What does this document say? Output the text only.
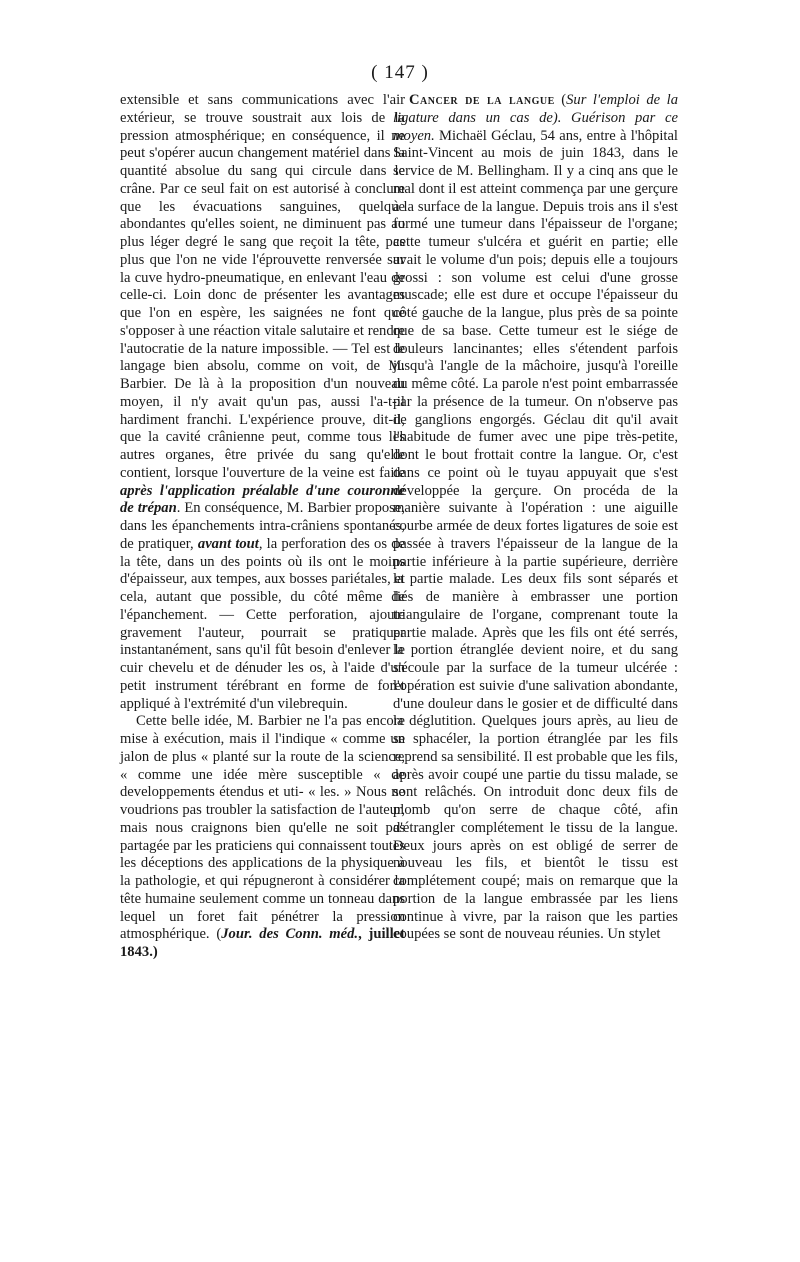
( 147 )

extensible et sans communications avec l'air extérieur, se trouve soustrait aux lois de la pression atmosphérique; en conséquence, il ne peut s'opérer aucun changement matériel dans la quantité absolue du sang qui circule dans le crâne. Par ce seul fait on est autorisé à conclure que les évacuations sanguines, quelque abondantes qu'elles soient, ne diminuent pas au plus léger degré le sang que reçoit la tête, pas plus que l'on ne vide l'éprouvette renversée sur la cuve hydro-pneumatique, en enlevant l'eau de celle-ci. Loin donc de présenter les avantages que l'on en espère, les saignées ne font que s'opposer à une réaction vitale salutaire et rendre l'autocratie de la nature impossible. — Tel est le langage bien absolu, comme on voit, de M. Barbier. De là à la proposition d'un nouveau moyen, il n'y avait qu'un pas, aussi l'a-t-il hardiment franchi. L'expérience prouve, dit-il, que la cavité crânienne peut, comme tous les autres organes, être privée du sang qu'elle contient, lorsque l'ouverture de la veine est faite après l'application préalable d'une couronne de trépan. En conséquence, M. Barbier propose, dans les épanchements intra-crâniens spontanés, de pratiquer, avant tout, la perforation des os de la tête, dans un des points où ils ont le moins d'épaisseur, aux tempes, aux bosses pariétales, et cela, autant que possible, du côté même de l'épanchement. — Cette perforation, ajoute gravement l'auteur, pourrait se pratiquer instantanément, sans qu'il fût besoin d'enlever le cuir chevelu et de dénuder les os, à l'aide d'un petit instrument térébrant en forme de foret appliqué à l'extrémité d'un vilebrequin.

Cette belle idée, M. Barbier ne l'a pas encore mise à exécution, mais il l'indique « comme un jalon de plus « planté sur la route de la science, « comme une idée mère susceptible « de developpements étendus et uti- « les. » Nous ne voudrions pas troubler la satisfaction de l'auteur, mais nous craignons bien qu'elle ne soit pas partagée par les praticiens qui connaissent toutes les déceptions des applications de la physique à la pathologie, et qui répugneront à considérer la tête humaine seulement comme un tonneau dans lequel un foret fait pénétrer la pression atmosphérique. (Jour. des Conn. méd., juillet 1843.)

Cancer de la langue (Sur l'emploi de la ligature dans un cas de). Guérison par ce moyen. Michaël Géclau, 54 ans, entre à l'hôpital Saint-Vincent au mois de juin 1843, dans le service de M. Bellingham. Il y a cinq ans que le mal dont il est atteint commença par une gerçure à la surface de la langue. Depuis trois ans il s'est formé une tumeur dans l'épaisseur de l'organe; cette tumeur s'ulcéra et guérit en partie; elle avait le volume d'un pois; depuis elle a toujours grossi : son volume est celui d'une grosse muscade; elle est dure et occupe l'épaisseur du côté gauche de la langue, plus près de sa pointe que de sa base. Cette tumeur est le siége de douleurs lancinantes; elles s'étendent parfois jusqu'à l'angle de la mâchoire, jusqu'à l'oreille du même côté. La parole n'est point embarrassée par la présence de la tumeur. On n'observe pas de ganglions engorgés. Géclau dit qu'il avait l'habitude de fumer avec une pipe très-petite, dont le bout frottait contre la langue. Or, c'est dans ce point où le tuyau appuyait que s'est développée la gerçure. On procéda de la manière suivante à l'opération : une aiguille courbe armée de deux fortes ligatures de soie est passée à travers l'épaisseur de la langue de la partie inférieure à la partie supérieure, derrière la partie malade. Les deux fils sont séparés et liés de manière à embrasser une portion triangulaire de l'organe, comprenant toute la partie malade. Après que les fils ont été serrés, la portion étranglée devient noire, et du sang s'écoule par la surface de la tumeur ulcérée : l'opération est suivie d'une salivation abondante, d'une douleur dans le gosier et de difficulté dans la déglutition. Quelques jours après, au lieu de se sphacéler, la portion étranglée par les fils reprend sa sensibilité. Il est probable que les fils, après avoir coupé une partie du tissu malade, se sont relâchés. On introduit donc deux fils de plomb qu'on serre de chaque côté, afin d'étrangler complétement le tissu de la langue. Deux jours après on est obligé de serrer de nouveau les fils, et bientôt le tissu est complétement coupé; mais on remarque que la portion de la langue embrassée par les liens continue à vivre, par la raison que les parties coupées se sont de nouveau réunies. Un stylet
